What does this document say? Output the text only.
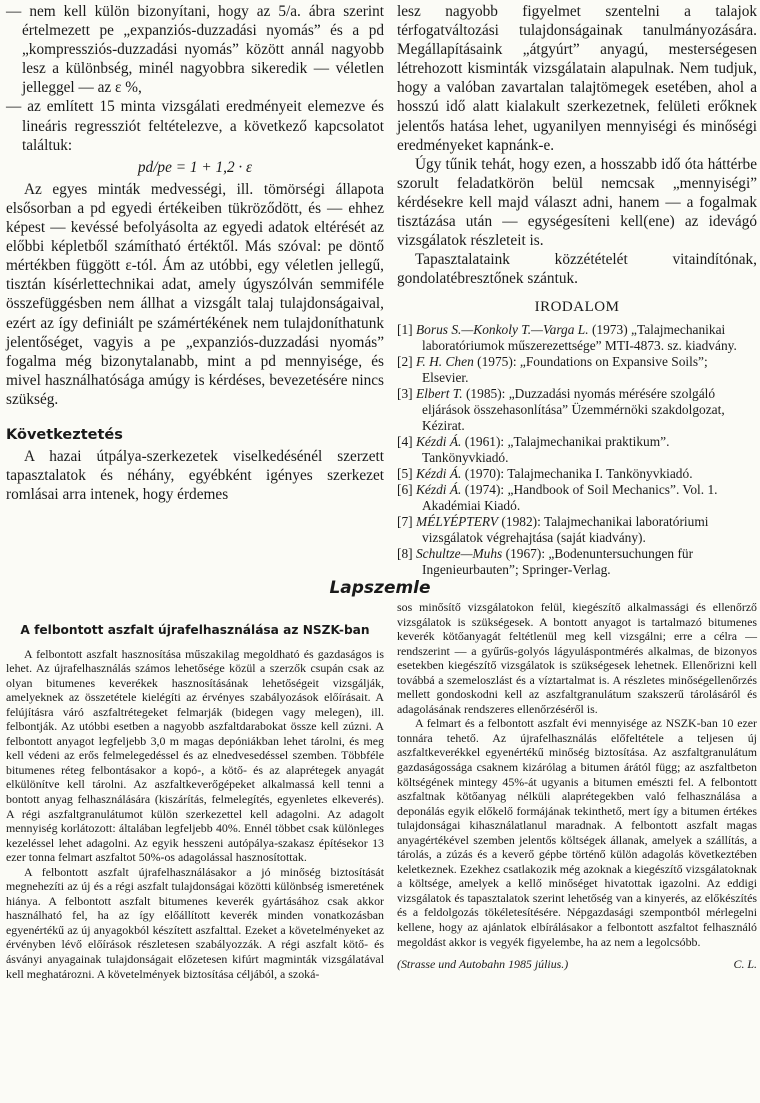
— nem kell külön bizonyítani, hogy az 5/a. ábra szerint értelmezett pe „expanziós-duzzadási nyomás” és a pd „kompressziós-duzzadási nyomás” között annál nagyobb lesz a különbség, minél nagyobbra sikeredik — véletlen jelleggel — az ε %,

— az említett 15 minta vizsgálati eredményeit elemezve és lineáris regressziót feltételezve, a következő kapcsolatot találtuk:

pd/pe = 1 + 1,2 · ε

Az egyes minták medvességi, ill. tömörségi állapota elsősorban a pd egyedi értékeiben tükröződött, és — ehhez képest — kevéssé befolyásolta az egyedi adatok eltérését az előbbi képletből számítható értéktől. Más szóval: pe döntő mértékben függött ε-tól. Ám az utóbbi, egy véletlen jellegű, tisztán kísérlettechnikai adat, amely úgyszólván semmiféle összefüggésben nem állhat a vizsgált talaj tulajdonságaival, ezért az így definiált pe számértékének nem tulajdoníthatunk jelentőséget, vagyis a pe „expanziós-duzzadási nyomás” fogalma még bizonytalanabb, mint a pd mennyisége, és mivel használhatósága amúgy is kérdéses, bevezetésére nincs szükség.

Következtetés

A hazai útpálya-szerkezetek viselkedésénél szerzett tapasztalatok és néhány, egyébként igényes szerkezet romlásai arra intenek, hogy érdemes

lesz nagyobb figyelmet szentelni a talajok térfogatváltozási tulajdonságainak tanulmányozására. Megállapításaink „átgyúrt” anyagú, mesterségesen létrehozott kisminták vizsgálatain alapulnak. Nem tudjuk, hogy a valóban zavartalan talajtömegek esetében, ahol a hosszú idő alatt kialakult szerkezetnek, felületi erőknek jelentős hatása lehet, ugyanilyen mennyiségi és minőségi eredményeket kapnánk-e.

Úgy tűnik tehát, hogy ezen, a hosszabb idő óta háttérbe szorult feladatkörön belül nemcsak „mennyiségi” kérdésekre kell majd választ adni, hanem — a fogalmak tisztázása után — egységesíteni kell(ene) az idevágó vizsgálatok részleteit is.

Tapasztalataink közzétételét vitaindítónak, gondolatébresztőnek szántuk.

IRODALOM

[1] Borus S.—Konkoly T.—Varga L. (1973) „Talajmechanikai laboratóriumok műszerezettsége” MTI-4873. sz. kiadvány.

[2] F. H. Chen (1975): „Foundations on Expansive Soils”; Elsevier.

[3] Elbert T. (1985): „Duzzadási nyomás mérésére szolgáló eljárások összehasonlítása” Üzemmérnöki szakdolgozat, Kézirat.

[4] Kézdi Á. (1961): „Talajmechanikai praktikum”. Tankönyvkiadó.

[5] Kézdi Á. (1970): Talajmechanika I. Tankönyvkiadó.

[6] Kézdi Á. (1974): „Handbook of Soil Mechanics”. Vol. 1. Akadémiai Kiadó.

[7] MÉLYÉPTERV (1982): Talajmechanikai laboratóriumi vizsgálatok végrehajtása (saját kiadvány).

[8] Schultze—Muhs (1967): „Bodenuntersuchungen für Ingenieurbauten”; Springer-Verlag.

Lapszemle
A felbontott aszfalt újrafelhasználása az NSZK-ban

A felbontott aszfalt hasznosítása műszakilag megoldható és gazdaságos is lehet. Az újrafelhasználás számos lehetősége közül a szerzők csupán csak az olyan bitumenes keverékek hasznosításának lehetőségeit vizsgálják, amelyeknek az összetétele kielégíti az érvényes szabályozások előírásait. A felújításra váró aszfaltrétegeket felmarják (bidegen vagy melegen), ill. felbontják. Az utóbbi esetben a nagyobb aszfaltdarabokat össze kell zúzni. A felbontott anyagot legfeljebb 3,0 m magas depóniákban lehet tárolni, és meg kell védeni az erős felmelegedéssel és az elnedvesedéssel szemben. Többféle bitumenes réteg felbontásakor a kopó-, a kötő- és az alaprétegek anyagát elkülönítve kell tárolni. Az aszfaltkeverőgépeket alkalmassá kell tenni a bontott anyag felhasználására (kiszárítás, felmelegítés, egyenletes elkeverés). A régi aszfaltgranulátumot külön szerkezettel kell adagolni. Az adagolt mennyiség korlátozott: általában legfeljebb 40%. Ennél többet csak különleges kezeléssel lehet adagolni. Az egyik hesszeni autópálya-szakasz építésekor 13 ezer tonna felmart aszfaltot 50%-os adagolással hasznosítottak.

A felbontott aszfalt újrafelhasználásakor a jó minőség biztosítását megnehezíti az új és a régi aszfalt tulajdonságai közötti különbség ismeretének hiánya. A felbontott aszfalt bitumenes keverék gyártásához csak akkor használható fel, ha az így előállított keverék minden vonatkozásban egyenértékű az új anyagokból készített aszfalttal. Ezeket a követelményeket az érvényben lévő előírások részletesen szabályozzák. A régi aszfalt kötő- és ásványi anyagainak tulajdonságait előzetesen kifúrt magminták vizsgálatával kell meghatározni. A követelmények biztosítása céljából, a szoká-

sos minősítő vizsgálatokon felül, kiegészítő alkalmassági és ellenőrző vizsgálatok is szükségesek. A bontott anyagot is tartalmazó bitumenes keverék kötőanyagát feltétlenül meg kell vizsgálni; erre a célra — rendszerint — a gyűrűs-golyós lágyuláspontmérés alkalmas, de bizonyos esetekben kiegészítő vizsgálatok is szükségesek lehetnek. Ellenőrizni kell továbbá a szemeloszlást és a víztartalmat is. A részletes minőségellenőrzés mellett gondoskodni kell az aszfaltgranulátum szakszerű tárolásáról és adagolásának rendszeres ellenőrzéséről is.

A felmart és a felbontott aszfalt évi mennyisége az NSZK-ban 10 ezer tonnára tehető. Az újrafelhasználás előfeltétele a teljesen új aszfaltkeverékkel egyenértékű minőség biztosítása. Az aszfaltgranulátum gazdaságossága csaknem kizárólag a bitumen árától függ; az aszfaltbeton költségének mintegy 45%-át ugyanis a bitumen emészti fel. A felbontott aszfaltnak kötőanyag nélküli alaprétegekben való felhasználása a deponálás egyik előkelő formájának tekinthető, mert így a bitumen értékes tulajdonságai kihasználatlanul maradnak. A felbontott aszfalt magas anyagértékével szemben jelentős költségek állanak, amelyek a szállítás, a tárolás, a zúzás és a keverő gépbe történő külön adagolás következtében keletkeznek. Ezekhez csatlakozik még azoknak a kiegészítő vizsgálatoknak a költsége, amelyek a kellő minőséget hivatottak igazolni. Az eddigi vizsgálatok és tapasztalatok szerint lehetőség van a kinyerés, az előkészítés és a feldolgozás tökéletesítésére. Népgazdasági szempontból mérlegelni kellene, hogy az ajánlatok elbírálásakor a felbontott aszfaltot felhasználó megoldást akkor is vegyék figyelembe, ha az nem a legolcsóbb.

(Strasse und Autobahn 1985 július.)	C. L.
